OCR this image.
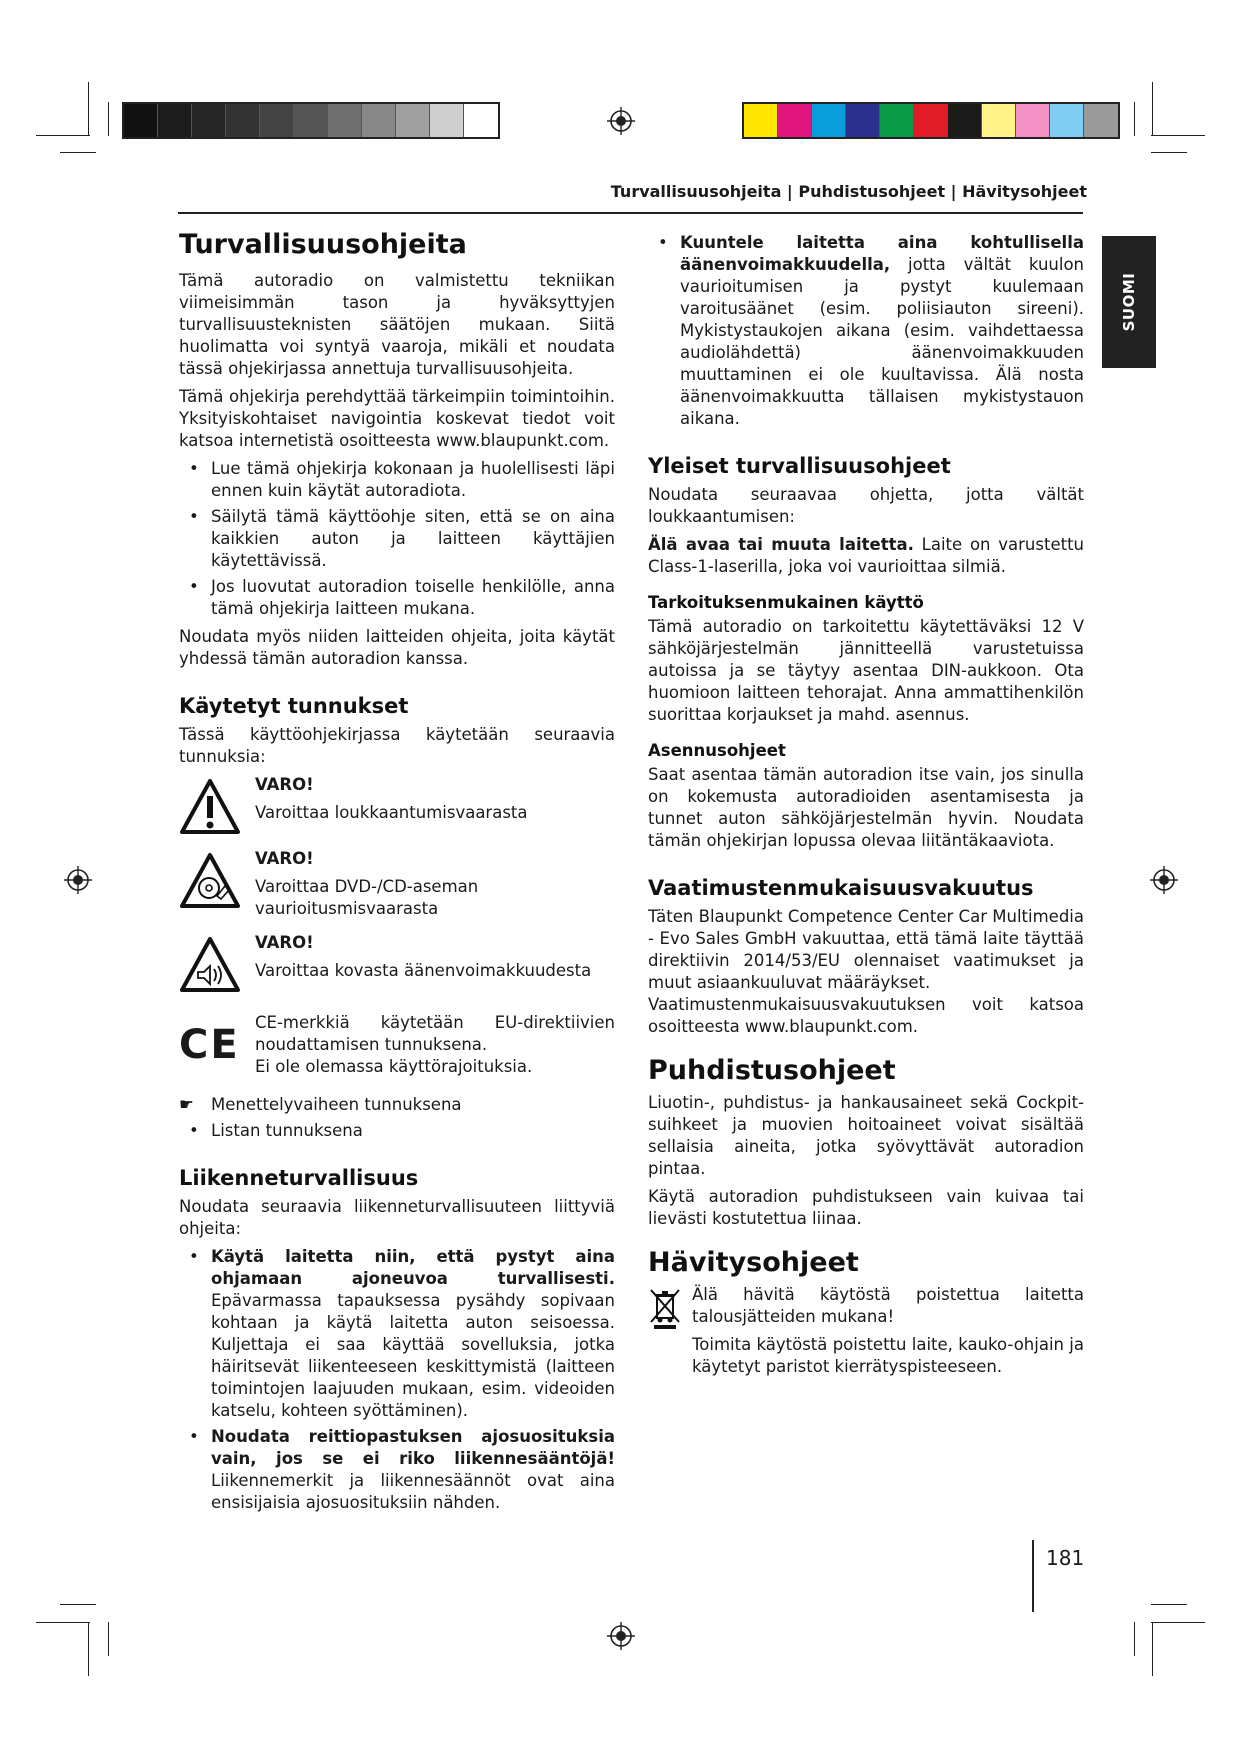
Turvallisuusohjeita | Puhdistusohjeet | Hävitysohjeet
SUOMI
Turvallisuusohjeita

Tämä autoradio on valmistettu tekniikan viimeisimmän tason ja hyväksyttyjen turvallisuusteknisten säätöjen mukaan. Siitä huolimatta voi syntyä vaaroja, mikäli et noudata tässä ohjekirjassa annettuja turvallisuusohjeita.

Tämä ohjekirja perehdyttää tärkeimpiin toimintoihin. Yksityiskohtaiset navigointia koskevat tiedot voit katsoa internetistä osoitteesta www.blaupunkt.com.

• Lue tämä ohjekirja kokonaan ja huolellisesti läpi ennen kuin käytät autoradiota.
• Säilytä tämä käyttöohje siten, että se on aina kaikkien auton ja laitteen käyttäjien käytettävissä.
• Jos luovutat autoradion toiselle henkilölle, anna tämä ohjekirja laitteen mukana.

Noudata myös niiden laitteiden ohjeita, joita käytät yhdessä tämän autoradion kanssa.

Käytetyt tunnukset

Tässä käyttöohjekirjassa käytetään seuraavia tunnuksia:

VARO!
Varoittaa loukkaantumisvaarasta
VARO!
Varoittaa DVD-/CD-aseman vaurioitusmisvaarasta
VARO!
Varoittaa kovasta äänenvoimakkuudesta
CE CE-merkkiä käytetään EU-direktiivien noudattamisen tunnuksena.

Ei ole olemassa käyttörajoituksia.
☛ Menettelyvaiheen tunnuksena
• Listan tunnuksena
Liikenneturvallisuus

Noudata seuraavia liikenneturvallisuuteen liittyviä ohjeita:

• Käytä laitetta niin, että pystyt aina ohjamaan ajoneuvoa turvallisesti. Epävarmassa tapauksessa pysähdy sopivaan kohtaan ja käytä laitetta auton seisoessa. Kuljettaja ei saa käyttää sovelluksia, jotka häiritsevät liikenteeseen keskittymistä (laitteen toimintojen laajuuden mukaan, esim. videoiden katselu, kohteen syöttäminen).
• Noudata reittiopastuksen ajosuosituksia vain, jos se ei riko liikennesääntöjä! Liikennemerkit ja liikennesäännöt ovat aina ensisijaisia ajosuosituksiin nähden.
• Kuuntele laitetta aina kohtullisella äänenvoimakkuudella, jotta vältät kuulon vaurioitumisen ja pystyt kuulemaan varoitusäänet (esim. poliisiauton sireeni). Mykistystaukojen aikana (esim. vaihdettaessa audiolähdettä) äänenvoimakkuuden muuttaminen ei ole kuultavissa. Älä nosta äänenvoimakkuutta tällaisen mykistystauon aikana.
Yleiset turvallisuusohjeet

Noudata seuraavaa ohjetta, jotta vältät loukkaantumisen:

Älä avaa tai muuta laitetta. Laite on varustettu Class-1-laserilla, joka voi vaurioittaa silmiä.

Tarkoituksenmukainen käyttö

Tämä autoradio on tarkoitettu käytettäväksi 12 V sähköjärjestelmän jännitteellä varustetuissa autoissa ja se täytyy asentaa DIN-aukkoon. Ota huomioon laitteen tehorajat. Anna ammattihenkilön suorittaa korjaukset ja mahd. asennus.

Asennusohjeet

Saat asentaa tämän autoradion itse vain, jos sinulla on kokemusta autoradioiden asentamisesta ja tunnet auton sähköjärjestelmän hyvin. Noudata tämän ohjekirjan lopussa olevaa liitäntäkaaviota.

Vaatimustenmukaisuusvakuutus

Täten Blaupunkt Competence Center Car Multimedia - Evo Sales GmbH vakuuttaa, että tämä laite täyttää direktiivin 2014/53/EU olennaiset vaatimukset ja muut asiaankuuluvat määräykset.

Vaatimustenmukaisuusvakuutuksen voit katsoa osoitteesta www.blaupunkt.com.

Puhdistusohjeet

Liuotin-, puhdistus- ja hankausaineet sekä Cockpit-suihkeet ja muovien hoitoaineet voivat sisältää sellaisia aineita, jotka syövyttävät autoradion pintaa.

Käytä autoradion puhdistukseen vain kuivaa tai lievästi kostutettua liinaa.

Hävitysohjeet

Älä hävitä käytöstä poistettua laitetta talousjätteiden mukana!

Toimita käytöstä poistettu laite, kauko-ohjain ja käytetyt paristot kierrätyspisteeseen.

181
